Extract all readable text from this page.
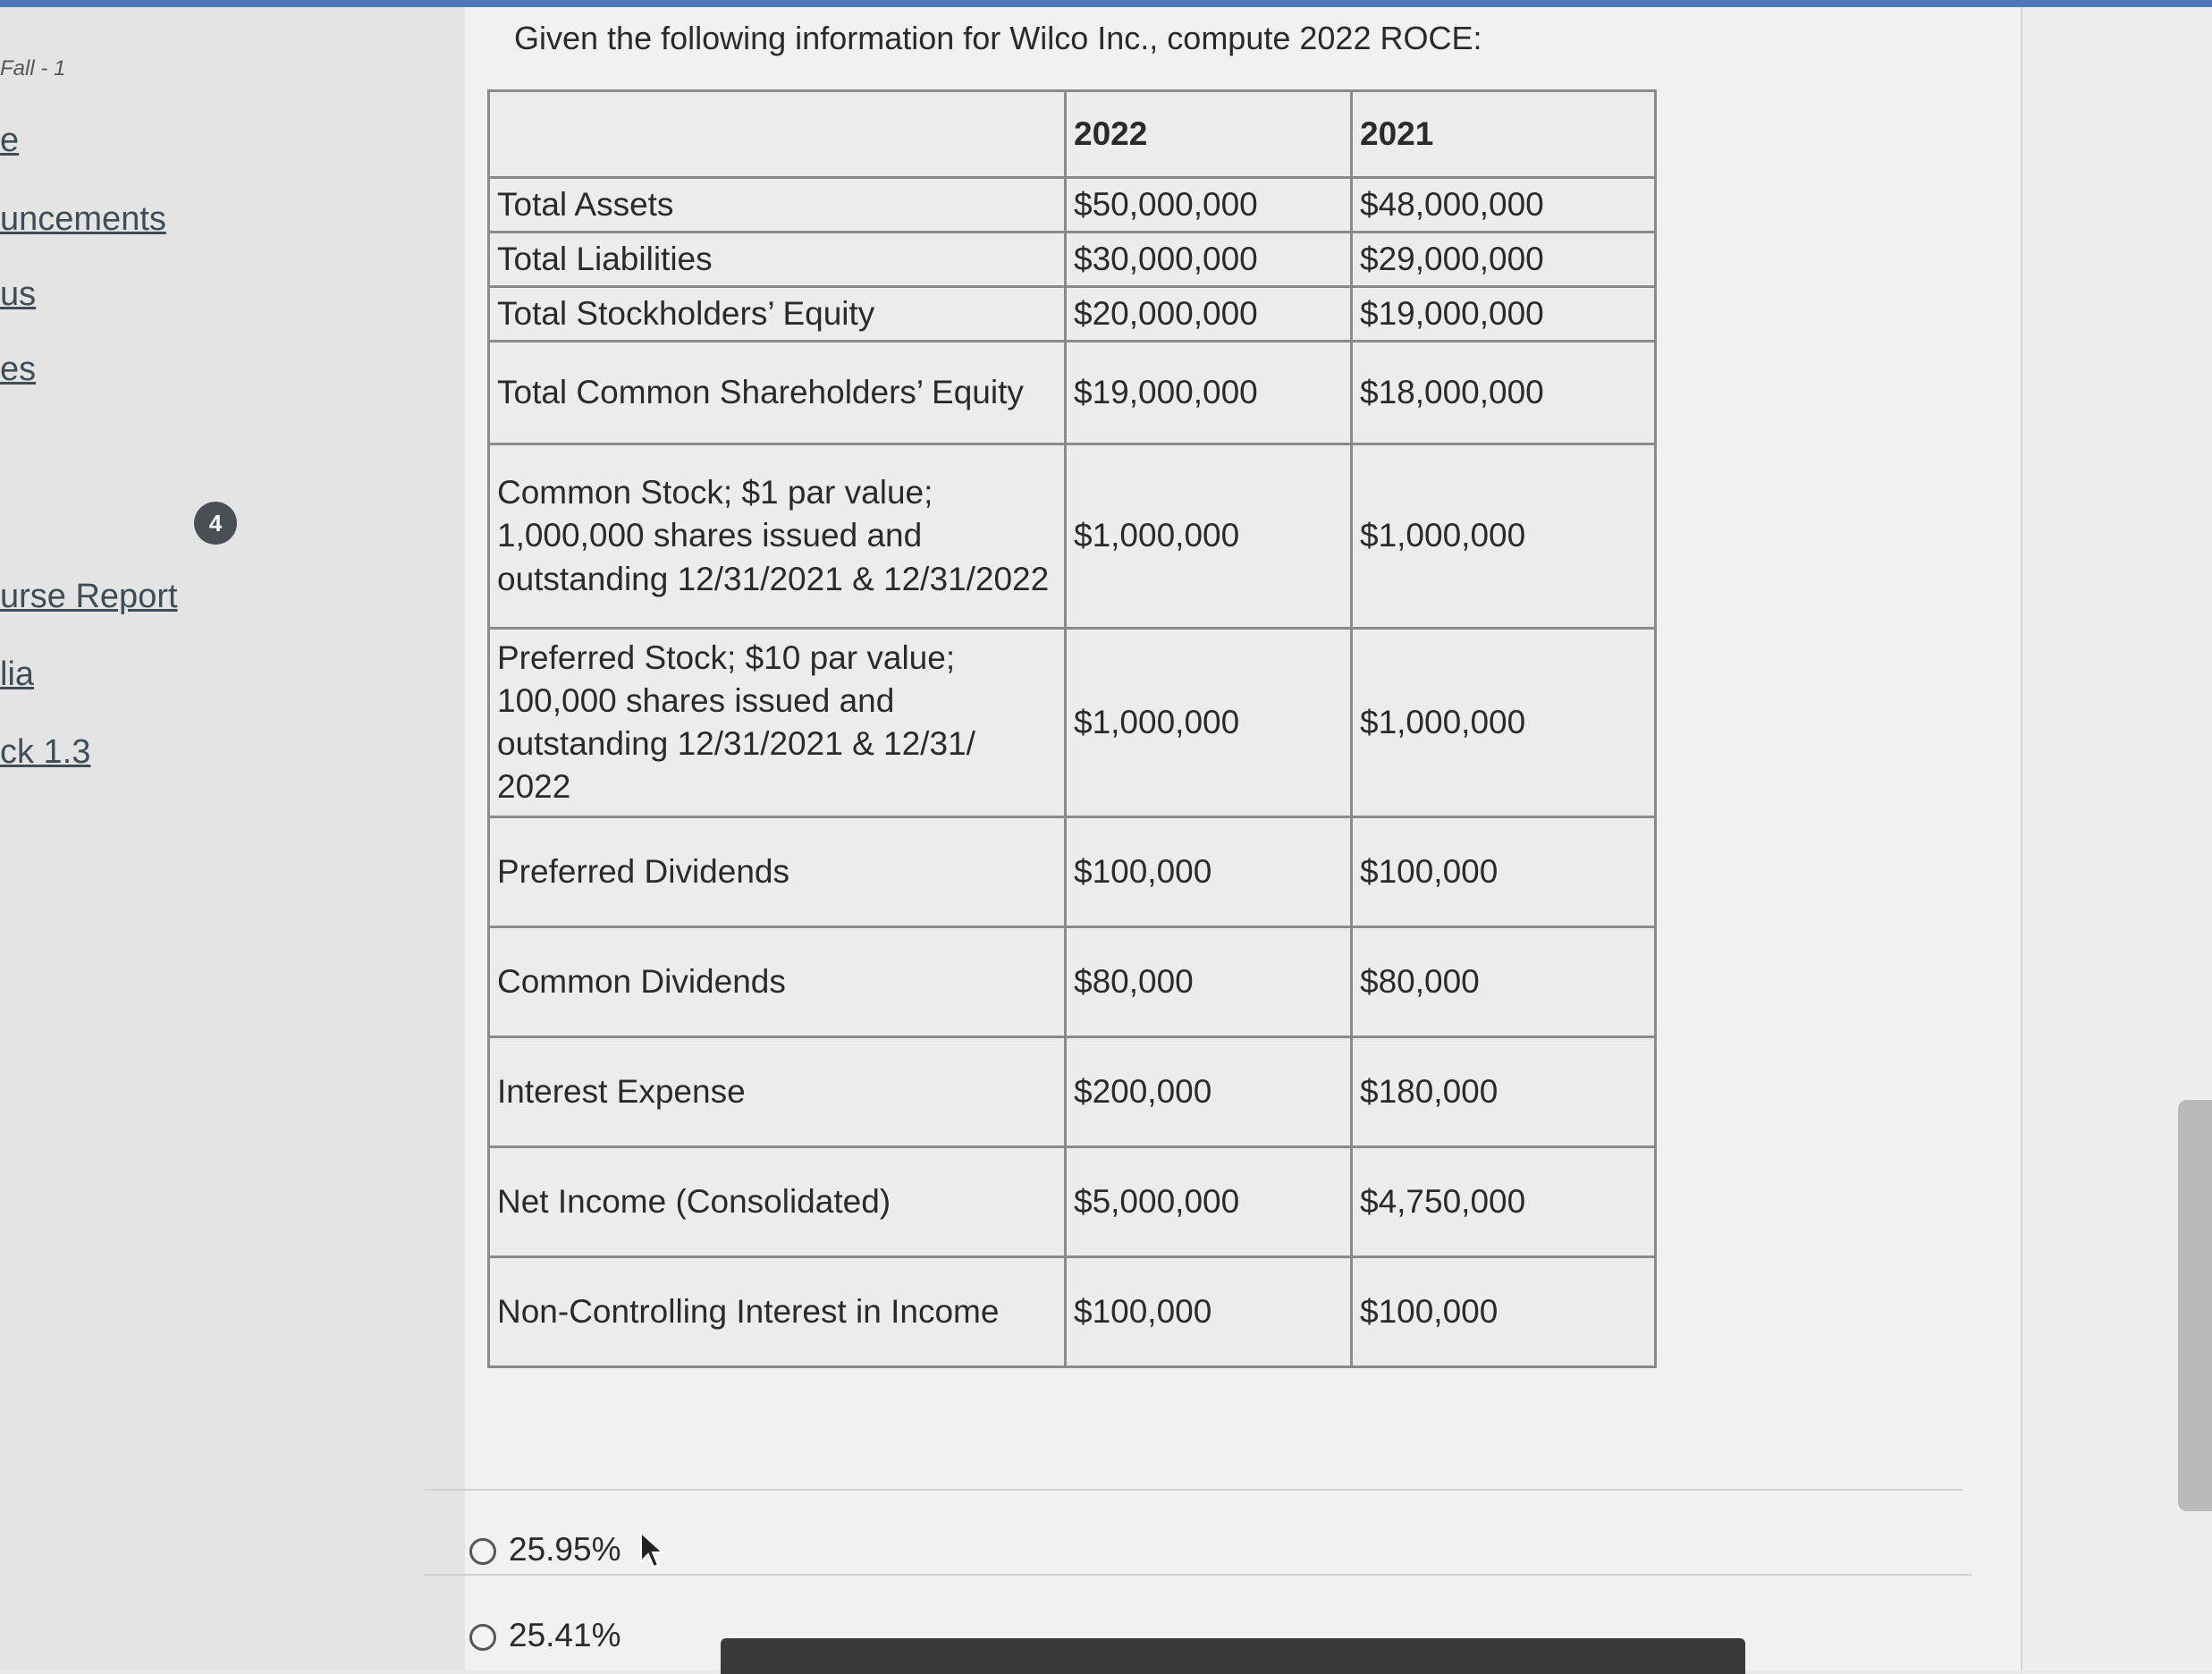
Fall - 1
e
uncements
us
es
4
urse Report
lia
ck 1.3
Given the following information for Wilco Inc., compute 2022 ROCE:
	2022	2021
Total Assets	$50,000,000	$48,000,000
Total Liabilities	$30,000,000	$29,000,000
Total Stockholders’ Equity	$20,000,000	$19,000,000
Total Common Shareholders’ Equity	$19,000,000	$18,000,000
Common Stock; $1 par value; 1,000,000 shares issued and outstanding 12/31/2021 & 12/31/2022	$1,000,000	$1,000,000
Preferred Stock; $10 par value; 100,000 shares issued and outstanding 12/31/2021 & 12/31/ 2022	$1,000,000	$1,000,000
Preferred Dividends	$100,000	$100,000
Common Dividends	$80,000	$80,000
Interest Expense	$200,000	$180,000
Net Income (Consolidated)	$5,000,000	$4,750,000
Non-Controlling Interest in Income	$100,000	$100,000
25.95%
25.41%
